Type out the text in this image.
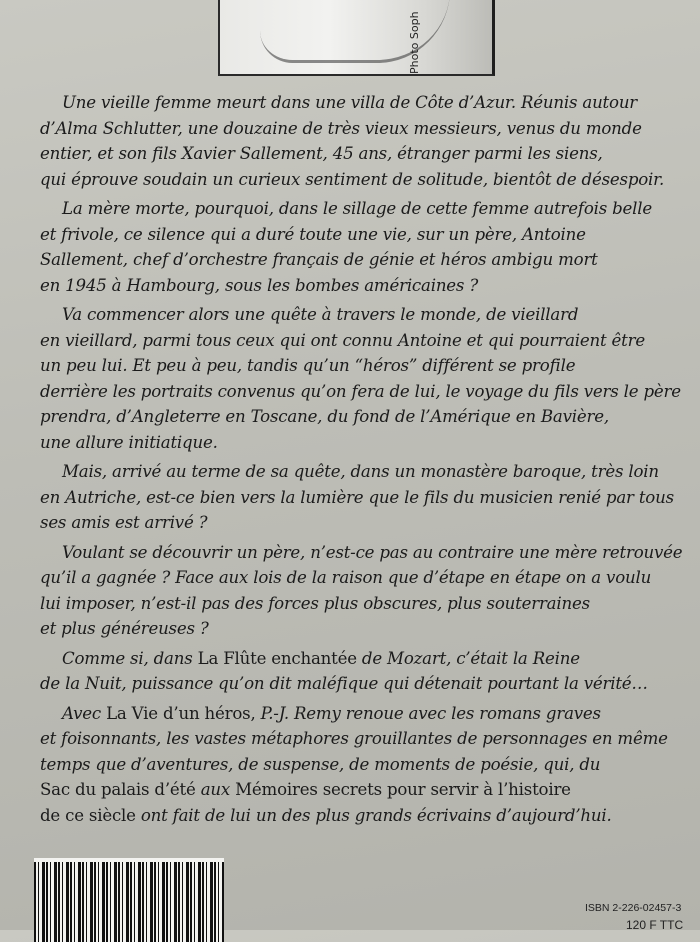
Photo Soph
Une vieille femme meurt dans une villa de Côte d’Azur. Réunis autour
d’Alma Schlutter, une douzaine de très vieux messieurs, venus du monde
entier, et son fils Xavier Sallement, 45 ans, étranger parmi les siens,
qui éprouve soudain un curieux sentiment de solitude, bientôt de désespoir.
La mère morte, pourquoi, dans le sillage de cette femme autrefois belle
et frivole, ce silence qui a duré toute une vie, sur un père, Antoine
Sallement, chef d’orchestre français de génie et héros ambigu mort
en 1945 à Hambourg, sous les bombes américaines ?
Va commencer alors une quête à travers le monde, de vieillard
en vieillard, parmi tous ceux qui ont connu Antoine et qui pourraient être
un peu lui. Et peu à peu, tandis qu’un “héros” différent se profile
derrière les portraits convenus qu’on fera de lui, le voyage du fils vers le père
prendra, d’Angleterre en Toscane, du fond de l’Amérique en Bavière,
une allure initiatique.
Mais, arrivé au terme de sa quête, dans un monastère baroque, très loin
en Autriche, est-ce bien vers la lumière que le fils du musicien renié par tous
ses amis est arrivé ?
Voulant se découvrir un père, n’est-ce pas au contraire une mère retrouvée
qu’il a gagnée ? Face aux lois de la raison que d’étape en étape on a voulu
lui imposer, n’est-il pas des forces plus obscures, plus souterraines
et plus généreuses ?
Comme si, dans La Flûte enchantée de Mozart, c’était la Reine
de la Nuit, puissance qu’on dit maléfique qui détenait pourtant la vérité…
Avec La Vie d’un héros, P.-J. Remy renoue avec les romans graves
et foisonnants, les vastes métaphores grouillantes de personnages en même
temps que d’aventures, de suspense, de moments de poésie, qui, du
Sac du palais d’été aux Mémoires secrets pour servir à l’histoire
de ce siècle ont fait de lui un des plus grands écrivains d’aujourd’hui.
ISBN 2-226-02457-3
120 F TTC
